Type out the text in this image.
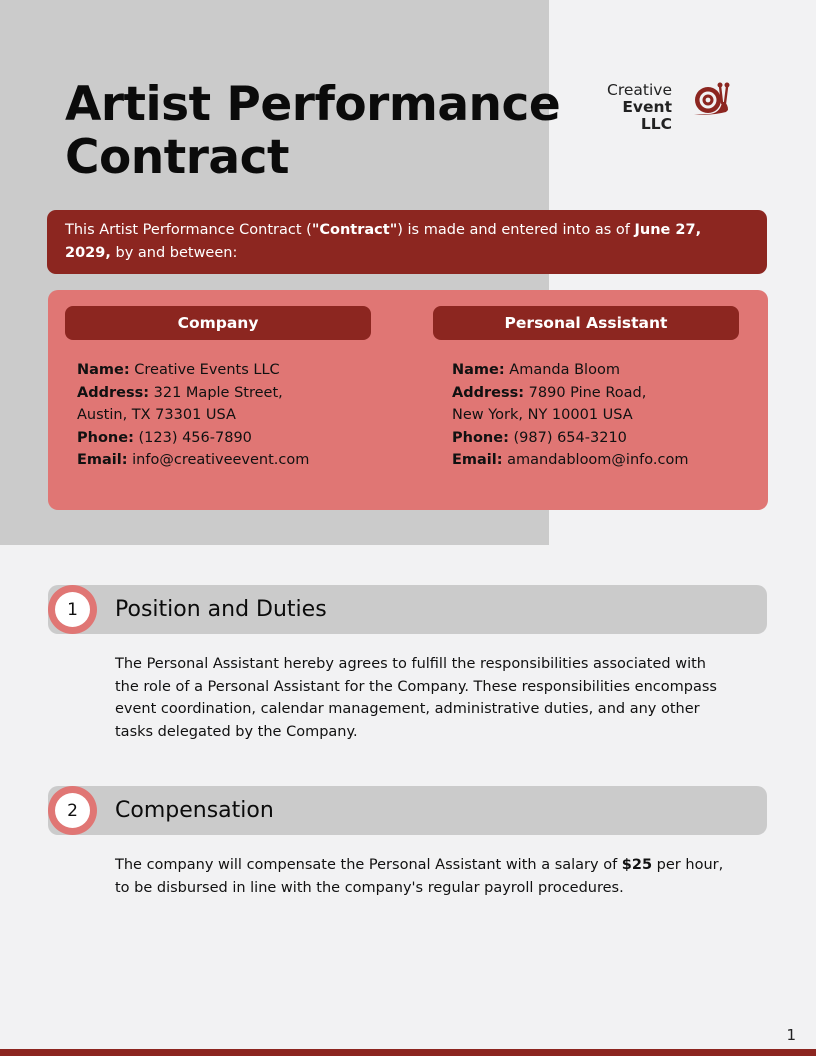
Artist Performance
Contract
Creative
Event LLC
This Artist Performance Contract ("Contract") is made and entered into as of June 27, 2029, by and between:
Company
Name: Creative Events LLC
Address: 321 Maple Street,
Austin, TX 73301 USA
Phone: (123) 456-7890
Email: info@creativeevent.com
Personal Assistant
Name: Amanda Bloom
Address: 7890 Pine Road,
New York, NY 10001 USA
Phone: (987) 654-3210
Email: amandabloom@info.com
1	Position and Duties

The Personal Assistant hereby agrees to fulfill the responsibilities associated with the role of a Personal Assistant for the Company. These responsibilities encompass event coordination, calendar management, administrative duties, and any other tasks delegated by the Company.

2	Compensation

The company will compensate the Personal Assistant with a salary of $25 per hour, to be disbursed in line with the company's regular payroll procedures.

1
